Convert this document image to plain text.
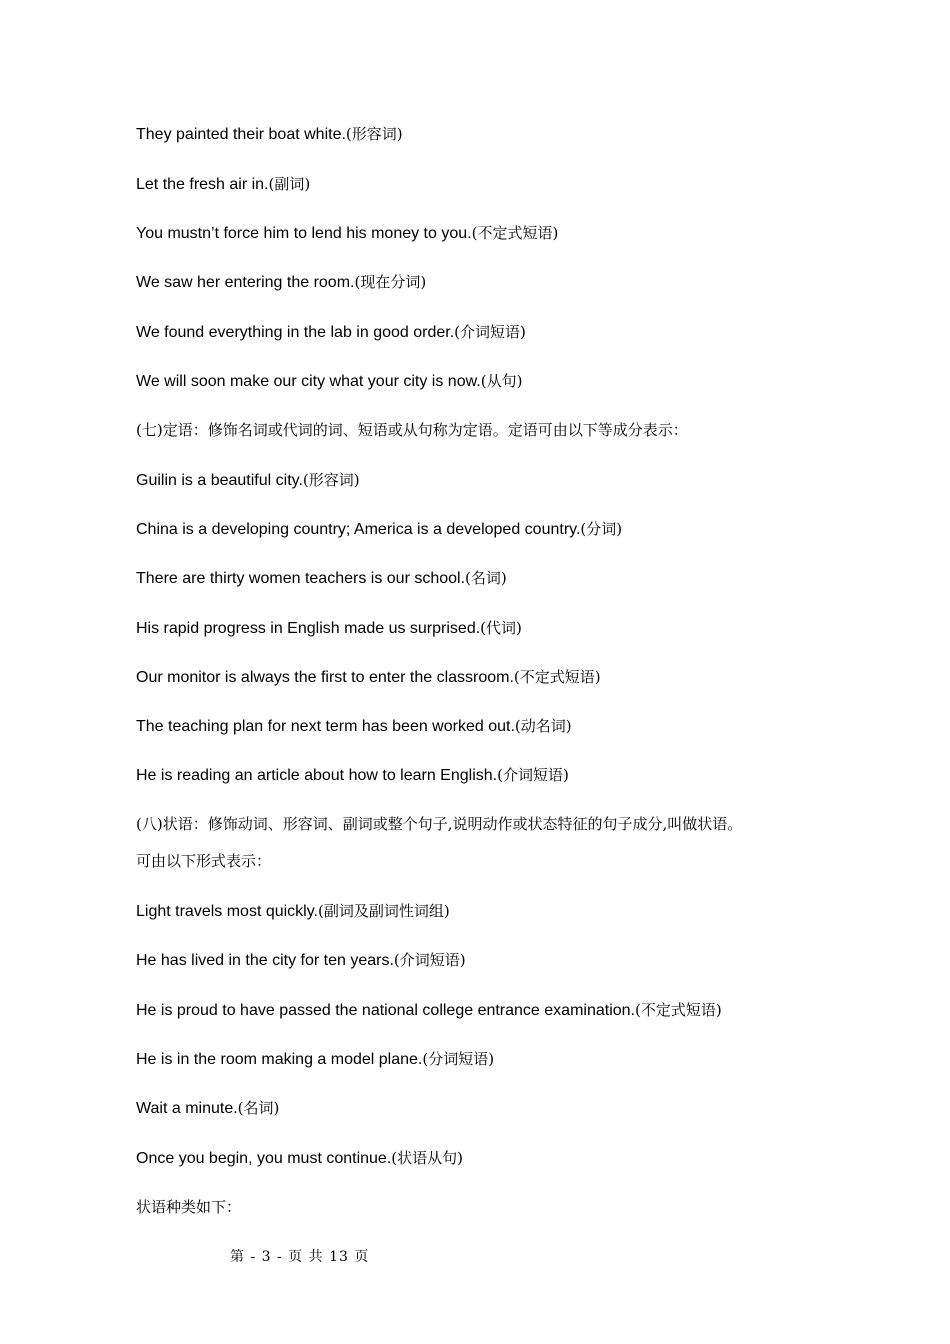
They painted their boat white.(形容词)
Let the fresh air in.(副词)
You mustn’t force him to lend his money to you.(不定式短语)
We saw her entering the room.(现在分词)
We found everything in the lab in good order.(介词短语)
We will soon make our city what your city is now.(从句)
(七)定语：修饰名词或代词的词、短语或从句称为定语。定语可由以下等成分表示：
Guilin is a beautiful city.(形容词)
China is a developing country; America is a developed country.(分词)
There are thirty women teachers is our school.(名词)
His rapid progress in English made us surprised.(代词)
Our monitor is always the first to enter the classroom.(不定式短语)
The teaching plan for next term has been worked out.(动名词)
He is reading an article about how to learn English.(介词短语)
(八)状语：修饰动词、形容词、副词或整个句子,说明动作或状态特征的句子成分,叫做状语。
可由以下形式表示：
Light travels most quickly.(副词及副词性词组)
He has lived in the city for ten years.(介词短语)
He is proud to have passed the national college entrance examination.(不定式短语)
He is in the room making a model plane.(分词短语)
Wait a minute.(名词)
Once you begin, you must continue.(状语从句)
状语种类如下：
第 - 3 - 页 共 13 页
